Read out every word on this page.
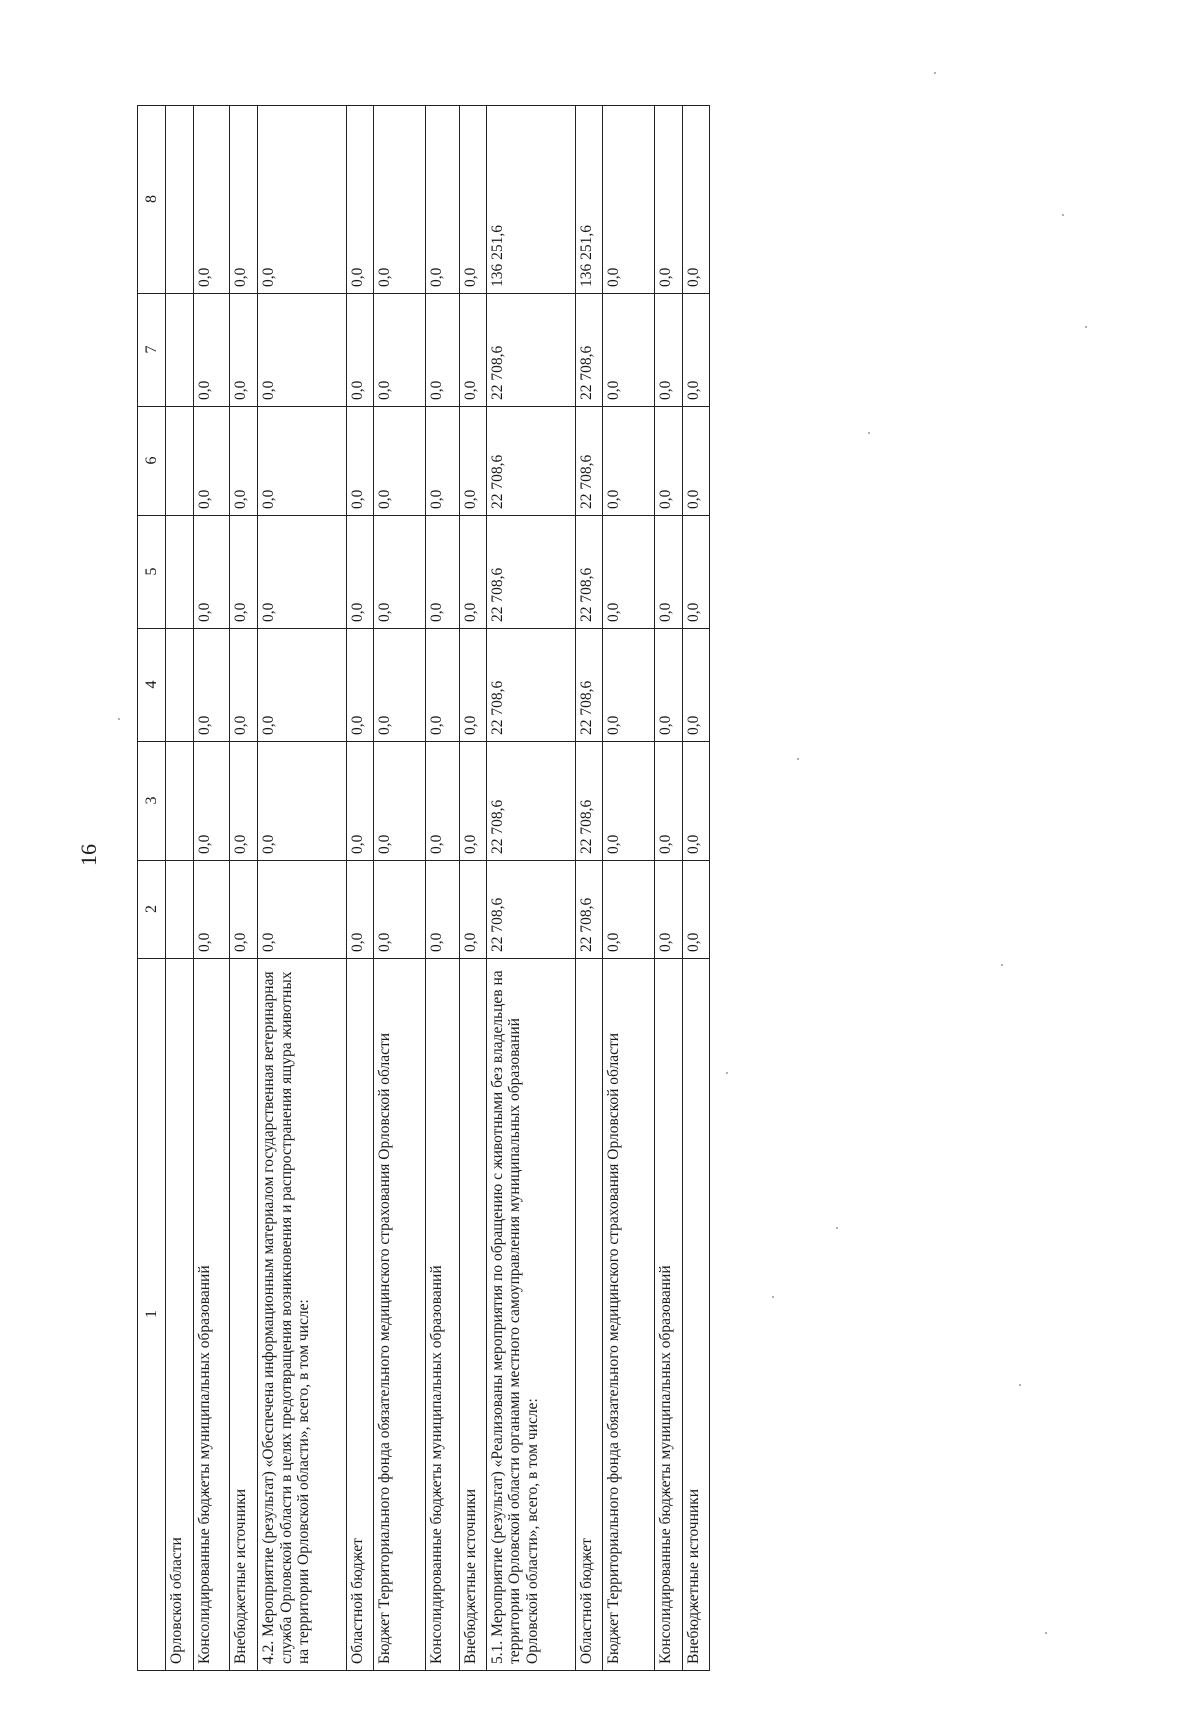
16
1	2	3	4	5	6	7	8
Орловской области							
Консолидированные бюджеты муниципальных образований	0,0	0,0	0,0	0,0	0,0	0,0	0,0
Внебюджетные источники	0,0	0,0	0,0	0,0	0,0	0,0	0,0
4.2. Мероприятие (результат) «Обеспечена информационным материалом государственная ветеринарная служба Орловской области в целях предотвращения возникновения и распространения ящура животных на территории Орловской области», всего, в том числе:	0,0	0,0	0,0	0,0	0,0	0,0	0,0
Областной бюджет	0,0	0,0	0,0	0,0	0,0	0,0	0,0
Бюджет Территориального фонда обязательного медицинского страхования Орловской области	0,0	0,0	0,0	0,0	0,0	0,0	0,0
Консолидированные бюджеты муниципальных образований	0,0	0,0	0,0	0,0	0,0	0,0	0,0
Внебюджетные источники	0,0	0,0	0,0	0,0	0,0	0,0	0,0
5.1. Мероприятие (результат) «Реализованы мероприятия по обращению с животными без владельцев на территории Орловской области органами местного самоуправления муниципальных образований Орловской области», всего, в том числе:	22 708,6	22 708,6	22 708,6	22 708,6	22 708,6	22 708,6	136 251,6
Областной бюджет	22 708,6	22 708,6	22 708,6	22 708,6	22 708,6	22 708,6	136 251,6
Бюджет Территориального фонда обязательного медицинского страхования Орловской области	0,0	0,0	0,0	0,0	0,0	0,0	0,0
Консолидированные бюджеты муниципальных образований	0,0	0,0	0,0	0,0	0,0	0,0	0,0
Внебюджетные источники	0,0	0,0	0,0	0,0	0,0	0,0	0,0
